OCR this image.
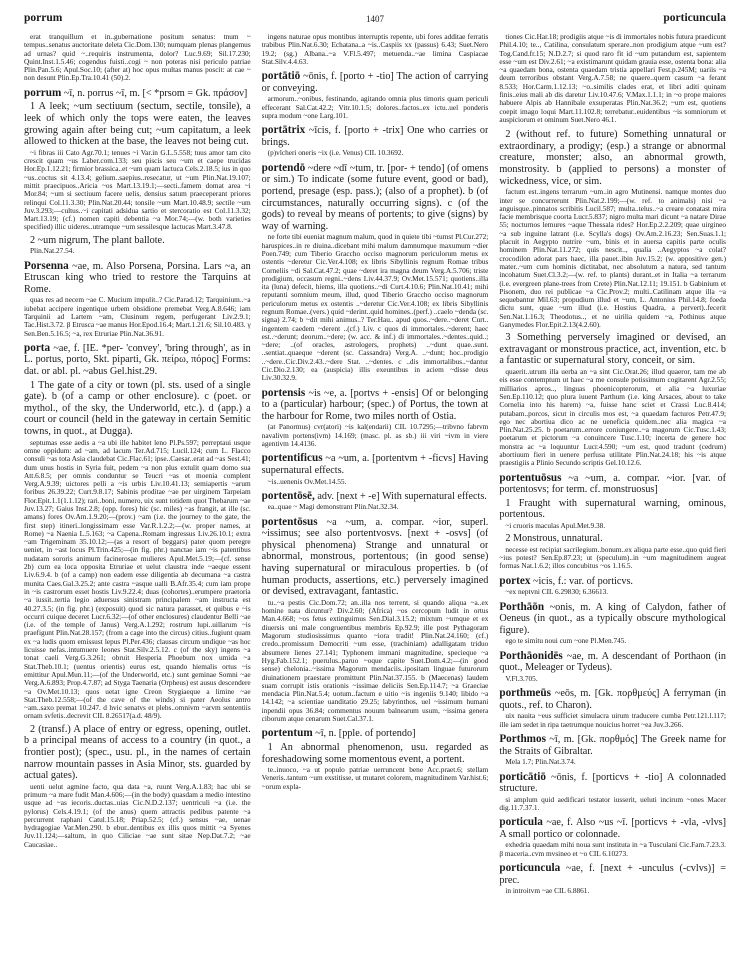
porrum	1407	porticuncula

erat tranquillum et in..gubernatione positum senatus: tnum ~ tempus..senatus auctoritate deleta Cic.Dom.130; numquam plenas plangemus ad urnas? quid ~..requiris instrumenta, dolor? Luc.9.69; Sil.17.230; Quint.Inst.1.5.46; cogendus fuisti..cogi ~ non poteras nisi periculo patriae Plin.Pan.5.6; Apul.Soc.10; (after at) hoc opus multas manus poscit: at cae ~ non desunt Plin.Ep.Tra.10.41 (50).2.

porrum ~ī, n. porrus ~ī, m. [< *prsom = Gk. πράσον]

1 A leek; ~um sectiuum (sectum, sectile, tonsile), a leek of which only the tops were eaten, the leaves growing again after being cut; ~um capitatum, a leek allowed to thicken at the base, the leaves not being cut.

~i fibras iii Cato Agr.70.1; tenues ~i Var.in G.L.5.558; tuus amor tam cito crescit quam ~us Laber.com.133; seu piscis seu ~um et caepe trucidas Hor.Ep.1.12.21; firmior brassica..et ~um quam lactuca Cels.2.18.5; ius in quo ~us..coctus sit 4.13.4; gelium..saepius..resecatur, ut ~um Plin.Nat.19.107; mittit praecipuos..Aricia ~os Mart.13.19.1;—secti..famem domat area ~i Mor.84; ~um si sectiuum facere uelis, densius satum praeceperant priores relinqui Col.11.3.30; Plin.Nat.20.44; tonsile ~um Mart.10.48.9; sectile ~um Juv.3.293;—cultus..~i capitati adsidua sartio et stercoratio est Col.11.3.32; Mart.13.19; (cf.) nomen capiti debentia ~a Mor.74;—(w. both varieties specified) illic uideres..utramque ~um sessilesque lactucas Mart.3.47.8.

2 ~um nigrum, The plant ballote.

Plin.Nat.27.54.

Porsenna ~ae, m. Also Porsena, Porsina. Lars ~a, an Etruscan king who tried to restore the Tarquins at Rome.

quas res ad necem ~ae C. Mucium impulit..? Cic.Parad.12; Tarquinium..~a iubebat accipere ingentique urbem obsidione premebat Verg.A.8.646; iam Tarquinii ad Lartem ~am, Clusinum regem, perfugerant Liv.2.9.1; Tac.Hist.3.72. β Etrusca ~ae manus Hor.Epod.16.4; Mart.1.21.6; Sil.10.483. γ Sen.Ben.5.16.5; ~a, rex Etruriae Plin.Nat.36.91.

porta ~ae, f. [IE. *per- 'convey', 'bring through', as in L. portus, porto, Skt. piparti, Gk. πείρω, πόρος] Forms: dat. or abl. pl. ~abus Gel.hist.29.

1 The gate of a city or town (pl. sts. used of a single gate). b (of a camp or other enclosure). c (poet. or mythol., of the sky, the Underworld, etc.). d (app.) a court or council (held in the gateway in certain Semitic towns, in quot., at Dugga).

septumas esse aedis a ~a ubi ille habitet leno Pl.Ps.597; perreptaui usque omne oppidum: ad ~am, ad lacum Ter.Ad.715; Lucil.124; cum L. Flacco consuli ~as tota Asia claudebat Cic.Flac.61; ipse..Caesar..erat ad ~as Sest.41; dum unus hostis in Syria fuit, pedem ~a non plus extulit quam domo sua Att.6.8.5; per omnis conduntur se Teucri ~as et moenia complent Verg.A.9.39; uictores pelli a ~is urbis Liv.10.41.13; semiapertis ~arum foribus 26.39.22; Curt.9.8.17; Sabinis proditae ~ae per uirginem Tarpeiam Flor.Epit.1.1(1.1.12); rari..boni, numero, uix sunt totidem quot Thebarum ~ae Juv.13.27; Gaius Inst.2.8; (opp. fores) hic (sc. miles) ~as frangit, at ille (sc. amans) fores Ov.Am.1.9.20;—(prov.) ~am (i.e. the journey to the gate, the first step) itineri..longissimam esse Var.R.1.2.2;—(w. proper names, at Rome) ~a Naenia L.5.163; ~a Capena..Romam ingressus Liv.26.10.1; extra ~am Trigeminam 35.10.12;—(as a resort of beggars) pater quom peregre ueniet, in ~ast locus Pl.Trin.425;—(in fig. phr.) nanctae iam ~is patentibus nudatam sororis animum facinerosae mulieres Apul.Met.5.19;—(cf. sense 2b) cum ea loca opposita Etruriae et uelut claustra inde ~aeque essent Liv.6.9.4. b (of a camp) non eadem esse diligentia ab decumana ~a castra munita Caes.Gal.3.25.2; ante castra ~asque ualli B.Afr.35.4; cum iam prope in ~is castrorum esset hostis Liv.9.22.4; duas (cohortes)..erumpere praetoria ~a iussit..tertia legio aduersus sinistram principalem ~am instructa est 40.27.3.5; (in fig. phr.) (exposuit) quod sic natura parasset, et quibus e ~is occurri cuique deceret Lucr.6.32;—(of other enclosures) claudentur Belli ~ae (i.e. of the temple of Janus) Verg.A.1.292; rostrum lupi..uillarum ~is praefigunt Plin.Nat.28.157; (from a cage into the circus) citius..fugiunt quam ex ~a ludis quom emissust lepus Pl.Per.436; clausas circum undique ~as hoc licuisse nefas..intumuere leones Stat.Silv.2.5.12. c (of the sky) ingens ~a tonat caeli Verg.G.3.261; obruit Hesperia Phoebum nox umida ~a Stat.Theb.10.1; (uentus orientis) eurus est, quando hiemalis ortus ~is emittitur Apul.Mun.11;—(of the Underworld, etc.) sunt geminae Somni ~ae Verg.A.6.893; Prop.4.7.87; ad Styga Taenaria (Orpheus) est ausus descendere ~a Ov.Met.10.13; quos uetat igne Creon Stygiaeque a limine ~ae Stat.Theb.12.558;—(of the cave of the winds) si pater Aeolus antro ~am..saxo premat 10.247. d hvic senatvs et plebs..omnivm ~arvm sententiis ornam svfetis..decrevit CIL 8.26517(a.d. 48/9).

2 (transf.) A place of entry or egress, opening, outlet. b a principal means of access to a country (in quot., a frontier post); (spec., usu. pl., in the names of certain narrow mountain passes in Asia Minor, sts. guarded by actual gates).

uenti uelut agmine facto, qua data ~a, ruunt Verg.A.1.83; hac ubi se primum ~a mare fudit Man.4.606;—(in the body) quasdam a medio intestino usque ad ~as iecoris..ductas..uias Cic.N.D.2.137; uentriculi ~a (i.e. the pylorus) Cels.4.19.1; (of the anus) quem attractis pedibus patente ~a percurrent raphani Catul.15.18; Priap.52.5; (cf.) sensus ~ae, uenae hydragogiae Var.Men.290. b ebur..dentibus ex illis quos mittit ~a Syenes Juv.11.124;—saltum, in quo Ciliciae ~ae sunt sitae Nep.Dat.7.2; ~ae Caucasiae..

ingens naturae opus montibus interruptis repente, ubi fores additae ferratis trabibus Plin.Nat.6.30; Echatana..a ~is..Caspiis xx (passus) 6.43; Suet.Nero 19.2; (sg.) Albana..~a V.Fl.5.497; metuenda..~ae limina Caspiacae Stat.Silv.4.4.63.

portātiō ~ōnis, f. [porto + -tio] The action of carrying or conveying.

armorum..~onibus, festinando, agitando omnia plus timoris quam periculi effecerant Sal.Cat.42.2; Vitr.10.1.5; dolores..factos..ex ictu..uel ponderis supra modum ~one Larg.101.

portātrix ~īcis, f. [porto + -trix] One who carries or brings.

(p)vlcheri oneris ~ix (i.e. Venus) CIL 10.3692.

portendō ~dere ~dī ~tum, tr. [por- + tendo] (of omens or sim.) To indicate (some future event, good or bad), portend, presage (esp. pass.); (also of a prophet). b (of circumstances, naturally occurring signs). c (of the gods) to reveal by means of portents; to give (signs) by way of warning.

ne forte tibi eueniat magnum malum, quod in quiete tibi ~tumst Pl.Cur.272; haruspices..in re diuina..dicebant mihi malum damnumque maxumum ~dier Poen.749; cum Tiberio Graccho occiso magnorum periculorum metus ex ostentis ~deretur Cic.Ver.4.108; ex libris Sibyllinis regnum Romae tribus Corneliis ~di Sal.Cat.47.2; quae ~deret ira magna deum Verg.A.5.706; triste prodigium, occasum regni..~dens Liv.44.37.9; Ov.Met.15.571; quotiens..illa ita (luna) defecit, hiems, illa quotiens..~di Curt.4.10.6; Plin.Nat.10.41; mihi reputanti somnium meum, illud, quod Tiberio Graccho occiso magnorum periculorum metus ex ostentis ..~deretur Cic.Ver.4.108; ex libris Sibyllinis regnum Romae..(vers.) quid ~derint..quid homines..(perf.) ..caelo ~denda (sc. signa) 2.74; b ~dit mihi animus..? Ter.Hau.. apud quos..~dere..~deret Curt.. ingentem caedem ~derent ..(cf.) Liv. c quos di immortales..~derent; haec est..~derunt; deorum..~dere; (w. acc. & inf.) di immortales..~dentes..quid..; ~dere; ..(of oracles, astrologers, prophets) ..~dunt quae..sunt. ..sentiat..quaeque ~derent (sc. Cassandra) Verg.A. ..~dunt; hoc..prodigio ..~dere..Cic.Div.2.43..~dere Stat. ..~dentes. c ..dis immortalibus..~dantur Cic.Dio.2.130; ea (auspicia) illis exeuntibus in aciem ~disse deus Liv.30.32.9.

portensis ~is ~e, a. [portvs + -ensis] Of or belonging to a (particular) harbour; (spec.) of Portus, the town at the harbour for Rome, two miles north of Ostia.

(at Panormus) cvr(atori) ~is kal(endarii) CIL 10.7295;—tribvno fabrvm navalivm portens(ivm) 14.169; (masc. pl. as sb.) iii viri ~ivm in viere agentivm 14.4136.

portentificus ~a ~um, a. [portentvm + -ficvs] Having supernatural effects.

~is..uenenis Ov.Met.14.55.

portentōsē, adv. [next + -e] With supernatural effects.

ea..quae ~ Magi demonstrant Plin.Nat.32.34.

portentōsus ~a ~um, a. compar. ~ior, superl. ~issimus; see also portentvosvs. [next + -osvs] (of physical phenomena) Strange and unnatural or abnormal, monstrous, portentous; (in good sense) having supernatural or miraculous properties. b (of human products, assertions, etc.) perversely imagined or devised, extravagant, fantastic.

tu..~a pestis Cic.Dom.72; an..illa nos terrent, si quando aliqua ~a..ex homine nata dicuntur? Div.2.60; (Africa) ~os cercopum ludit in ortus Man.4.668; ~os fetus extinguimus Sen.Dial.3.15.2; mixtum ~umque et ex diuersis uni male congruentibus membris Ep.92.9; ille post Pythagoram Magorum studiosissimus quanto ~iora tradit! Plin.Nat.24.160; (cf.) credo..promissum Democriti ~um esse, (trachiniam) adalligatam triduo absumere lienes 27.141; Typhonem immani magnitudine, specieque ~a Hyg.Fab.152.1; puerulus..paruo ~oque capite Suet.Dom.4.2;—(in good sense) chelonia..~issima Magorum mendaciis..ipositam linguae futurorum diuinationem praestare promittunt Plin.Nat.37.155. b (Maecenas) laudem suam corrupit istis orationis ~issimae deliciis Sen.Ep.114.7; ~a Graeciae mendacia Plin.Nat.5.4; uotum..factum e uitio ~is ingeniis 9.140; libido ~a 14.142; ~a scientiae uanditatio 29.25; labyrinthos, uel ~issimum humani inpendii opus 36.84; commentus nouum balnearum usum, ~issima genera ciborum atque cenarum Suet.Cal.37.1.

portentum ~ī, n. [pple. of portendo]

1 An abnormal phenomenon, usu. regarded as foreshadowing some momentous event, a portent.

te..inuoco, ~a ut populo patriae uerruncent bene Acc.praet.6; stellam Veneris..tantum ~um exstitisse, ut mutaret colorem, magnitudinem Var.hist.6; ~orum expla-

tiones Cic.Har.18; prodigiis atque ~is di immortales nobis futura praedicunt Phil.4.10; te.., Catilina, consulatum sperare..non prodigium atque ~um est? Tog.Cand.fr.15; N.D.2.7; si quod raro fit id ~um putandum est, sapientem esse ~um est Div.2.61; ~a existimarunt quidam grauia esse, ostenta bona: alia ~a quaedam bona, ostenta quaedam tristia appellari Fest.p.245M; uariis ~a deum terroribus obstant Verg.A.7.58; ne quaere..quem casum ~a ferant 8.533; Hor.Carm.1.12.13; ~o..similis clades erat, et libri aditi quinam finis..eius mali ab dis daretur Liv.10.47.6; V.Max.1.1.1; in ~o prope maiores habuere Alpis ab Hannibale exsuperatas Plin.Nat.36.2; ~um est, quotiens coepit imago loqui Mart.11.102.8; terrebatur..euidentibus ~is somniorum et auspiciorum et ominum Suet.Nero 46.1.

2 (without ref. to future) Something unnatural or extraordinary, a prodigy; (esp.) a strange or abnormal creature, monster; also, an abnormal growth, monstrosity. b (applied to persons) a monster of wickedness, vice, or sim.

factum est..ingens terrarum ~um..in agro Mutinensi. namque montes duo inter se concurrerunt Plin.Nat.2.199;—(w. ref. to animals) nisi ~a anguisque..pinnatos scribitis Lucil.587; multa..telus..~a creare conatast mira facie membrisque coorta Lucr.5.837; nigro multa mari dicunt ~a natare Dirae 55; nocturnos lemures ~aque Thessala rides? Hor.Ep.2.2.209; quae uirgineo ~a sub inguine latrant (i.e. Scylla's dogs) Ov.Am.2.16.23; Sen.Suas.1.1; placuit in Aegypto nutrire ~um, binis et in auersa capitis parte oculis hominem Plin.Nat.11.272; quis nescit.., qualia ..Aegyptos ~a colat? crocodilon adorat pars haec, illa pauet..ibin Juv.15.2; (w. appositive gen.) mater..~um cum hominis dictitabat, nec absolutum a natura, sed tantum incohatum Suet.Cl.3.2;—(w. ref. to plants) durant..et in Italia ~a terrarum (i.e. evergreen plane-trees from Crete) Plin.Nat.12.11; 19.151. b Gabinium et Pisonem, duo rei publicae ~a Cic.Prov.2; multi..Catilinam atque illa ~a sequebantur Mil.63; propudium illud et ~um, L. Antonius Phil.14.8; foeda dictu sunt, quae ~um illud (i.e. Hostius Quadra, a pervert)..fecerit Sen.Nat.1.16.3; Theodotus.., et ne uirilia quidem ~a, Pothinus atque Ganymedes Flor.Epit.2.13(4.2.60).

3 Something perversely imagined or devised, an extravagant or monstrous practice, act, invention, etc. b a fantastic or supernatural story, conceit, or sim.

quaerit..utrum illa uerba an ~a sint Cic.Orat.26; illud quaeror, tam me ab eis esse contemptum ut haec ~a me consule potissimum cogitarent Agr.2.55; milliarios apros.., linguas phoenicopterorum, et alia ~a luxuriae Sen.Ep.110.12; quo plura iuuent Parthum (i.e. king Arsaces, about to take Cornelia into his harem) ~a, fuisse hanc sciet et Crassi Luc.8.414; putabam..porcos, sicut in circulis mos est, ~a quaedam facturos Petr.47.9; ego nec abortiua dico ac ne ueneficia quidem..nec alia magica ~a Plin.Nat.25.25. b poetarum..errore coniungere..~a magorum Cic.Tusc.1.43; poetarum et pictorum ~a conuincere Tusc.1.10; incerta de genere hoc monstra ac ~a loquuntur Lucr.4.590; ~um est, quod tradunt (cedrum) abortiuum fieri in uenere perfusa utilitate Plin.Nat.24.18; his ~is atque praestigiis a Plinio Secundo scriptis Gel.10.12.6.

portentuōsus ~a ~um, a. compar. ~ior. [var. of portentosvs; for term. cf. monstruosus]

1 Fraught with supernatural warning, ominous, portentous.

~i cruoris maculas Apul.Met.9.38.

2 Monstrous, unnatural.

necesse est recipiat sacrilegium..bonum..ex aliqua parte esse..quo quid fieri ~ius potest? Sen.Ep.87.23; ut (speculum)..in ~um magnitudinem augeat formas Nat.1.6.2; illos concubitus ~os 1.16.5.

portex ~icis, f.: var. of porticvs.

~ex neptvni CIL 6.29830; 6.36613.

Porthāōn ~onis, m. A king of Calydon, father of Oeneus (in quot., as a typically obscure mythological figure).

ego te simitu noui cum ~one Pl.Men.745.

Porthāonidēs ~ae, m. A descendant of Porthaon (in quot., Meleager or Tydeus).

V.Fl.3.705.

porthmeūs ~eōs, m. [Gk. πορθμεύς] A ferryman (in quots., ref. to Charon).

uix nauita ~eus sufficiet simulacra uirum traducere cumba Petr.121.l.117; ille iam sedet in ripa taetrumque nouicius horret ~ea Juv.3.266.

Porthmos ~ī, m. [Gk. πορθμός] The Greek name for the Straits of Gibraltar.

Mela 1.7; Plin.Nat.3.74.

porticātiō ~ōnis, f. [porticvs + -tio] A colonnaded structure.

si amplum quid aedificari testator iusserit, ueluti incirum ~ones Macer dig.11.7.37.1.

porticula ~ae, f. Also ~us ~ī. [porticvs + -vla, -vlvs] A small portico or colonnade.

exhedria quaedam mihi noua sunt instituta in ~a Tusculani Cic.Fam.7.23.3. β maceria..cvm mvsineo et ~o CIL 6.10273.

porticuncula ~ae, f. [next + -unculus (-cvlvs)] = prec.

in introitvm ~ae CIL 6.8861.
